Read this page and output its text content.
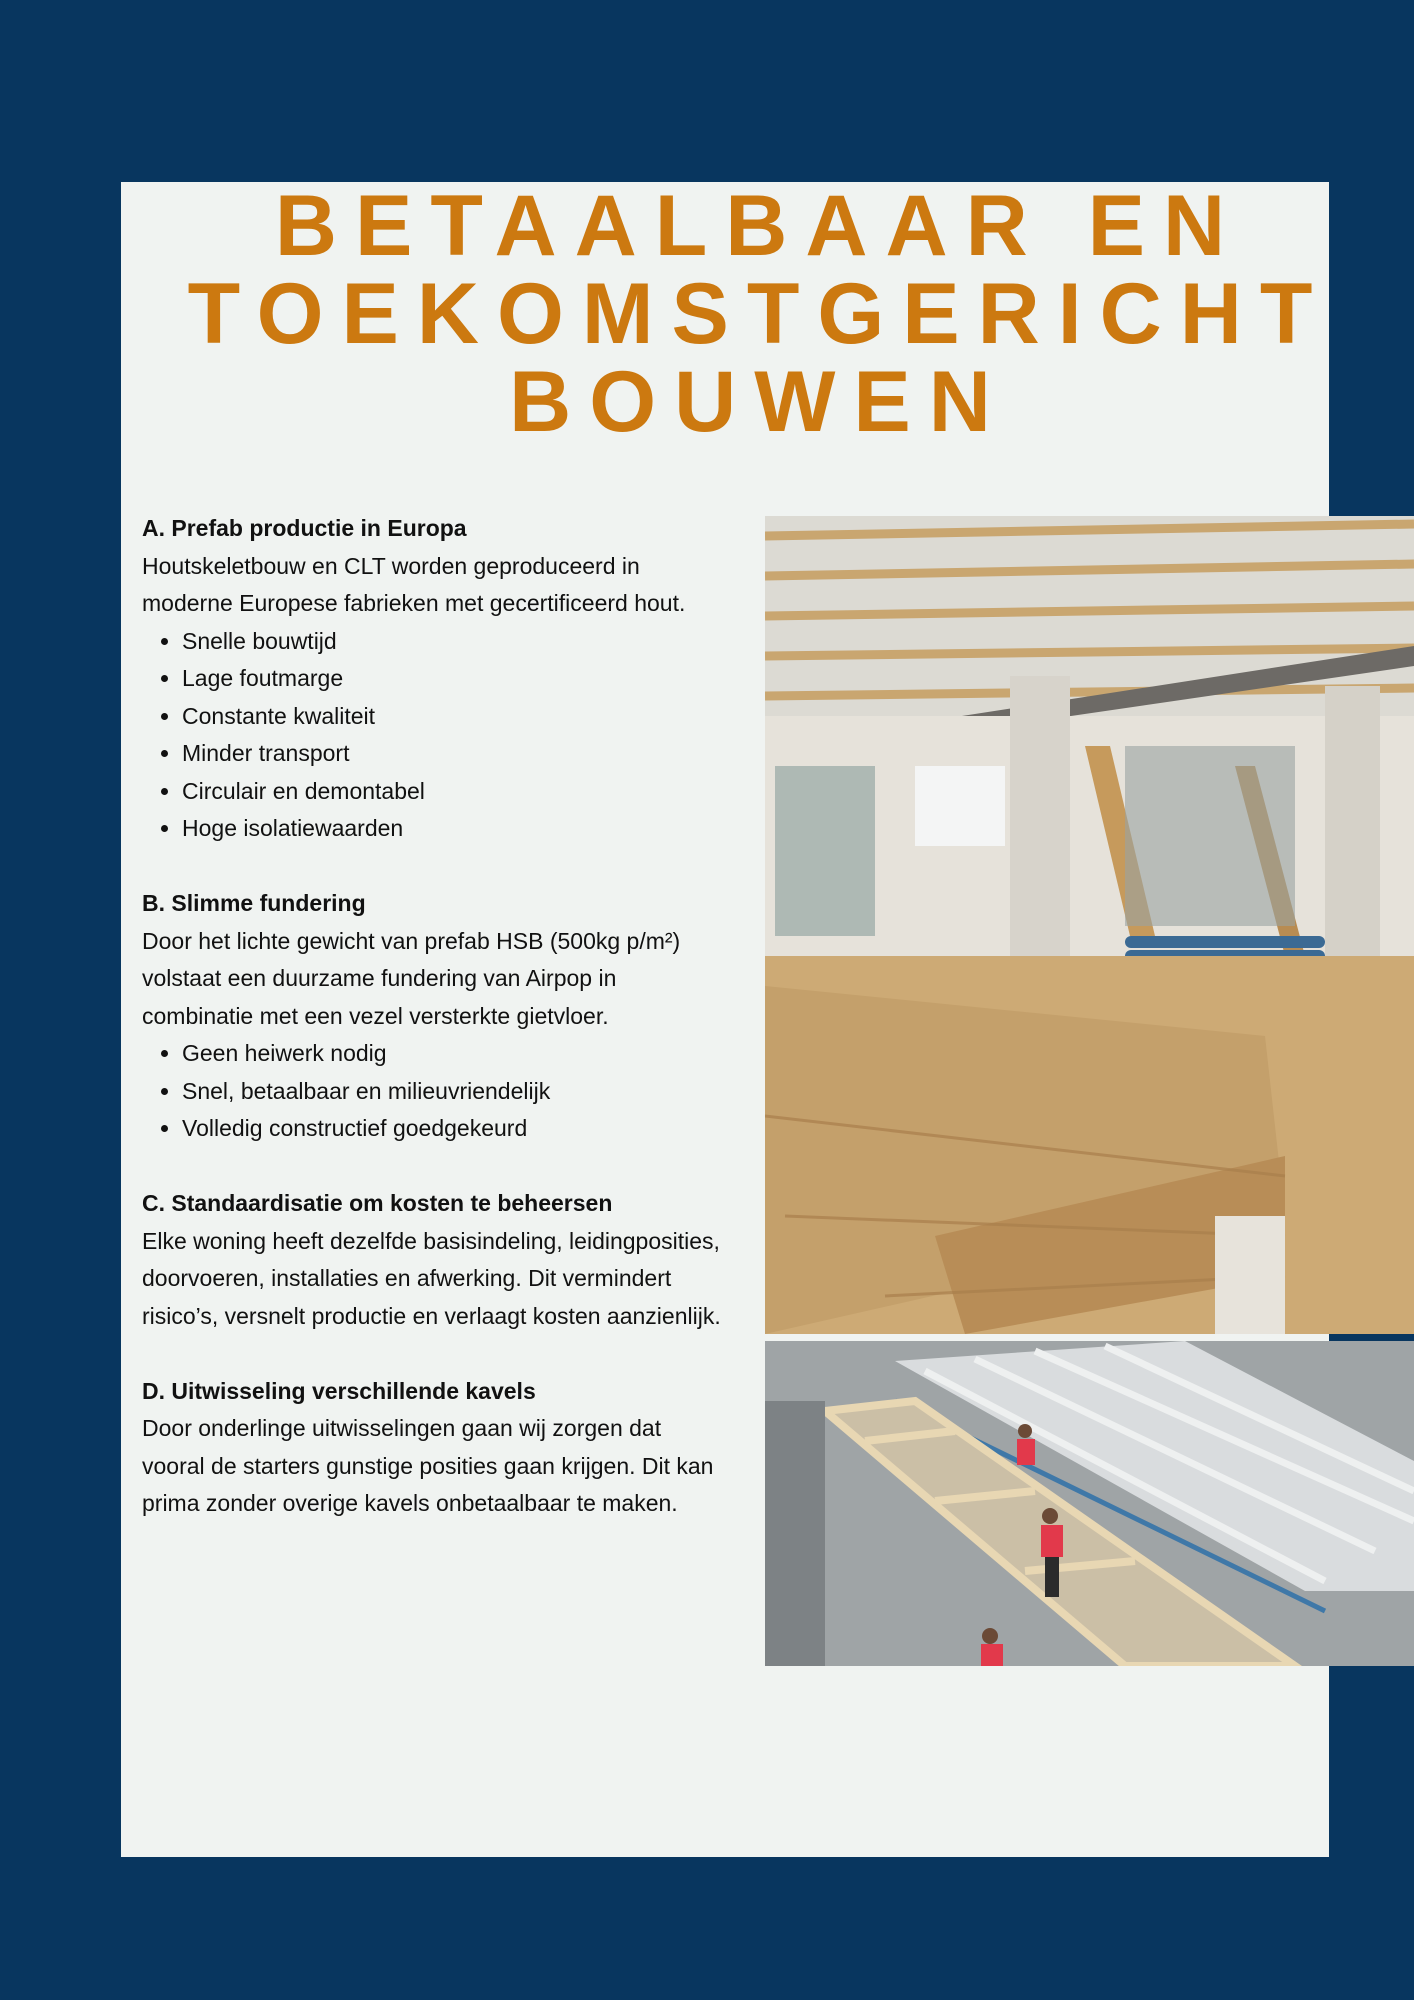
BETAALBAAR EN
TOEKOMSTGERICHT
BOUWEN
A. Prefab productie in Europa

Houtskeletbouw en CLT worden geproduceerd in moderne Europese fabrieken met gecertificeerd hout.

• Snelle bouwtijd
• Lage foutmarge
• Constante kwaliteit
• Minder transport
• Circulair en demontabel
• Hoge isolatiewaarden
B. Slimme fundering

Door het lichte gewicht van prefab HSB (500kg p/m²) volstaat een duurzame fundering van Airpop in combinatie met een vezel versterkte gietvloer.

• Geen heiwerk nodig
• Snel, betaalbaar en milieuvriendelijk
• Volledig constructief goedgekeurd
C. Standaardisatie om kosten te beheersen

Elke woning heeft dezelfde basisindeling, leidingposities, doorvoeren, installaties en afwerking. Dit vermindert risico’s, versnelt productie en verlaagt kosten aanzienlijk.

D. Uitwisseling verschillende kavels

Door onderlinge uitwisselingen gaan wij zorgen dat vooral de starters gunstige posities gaan krijgen. Dit kan prima zonder overige kavels onbetaalbaar te maken.
